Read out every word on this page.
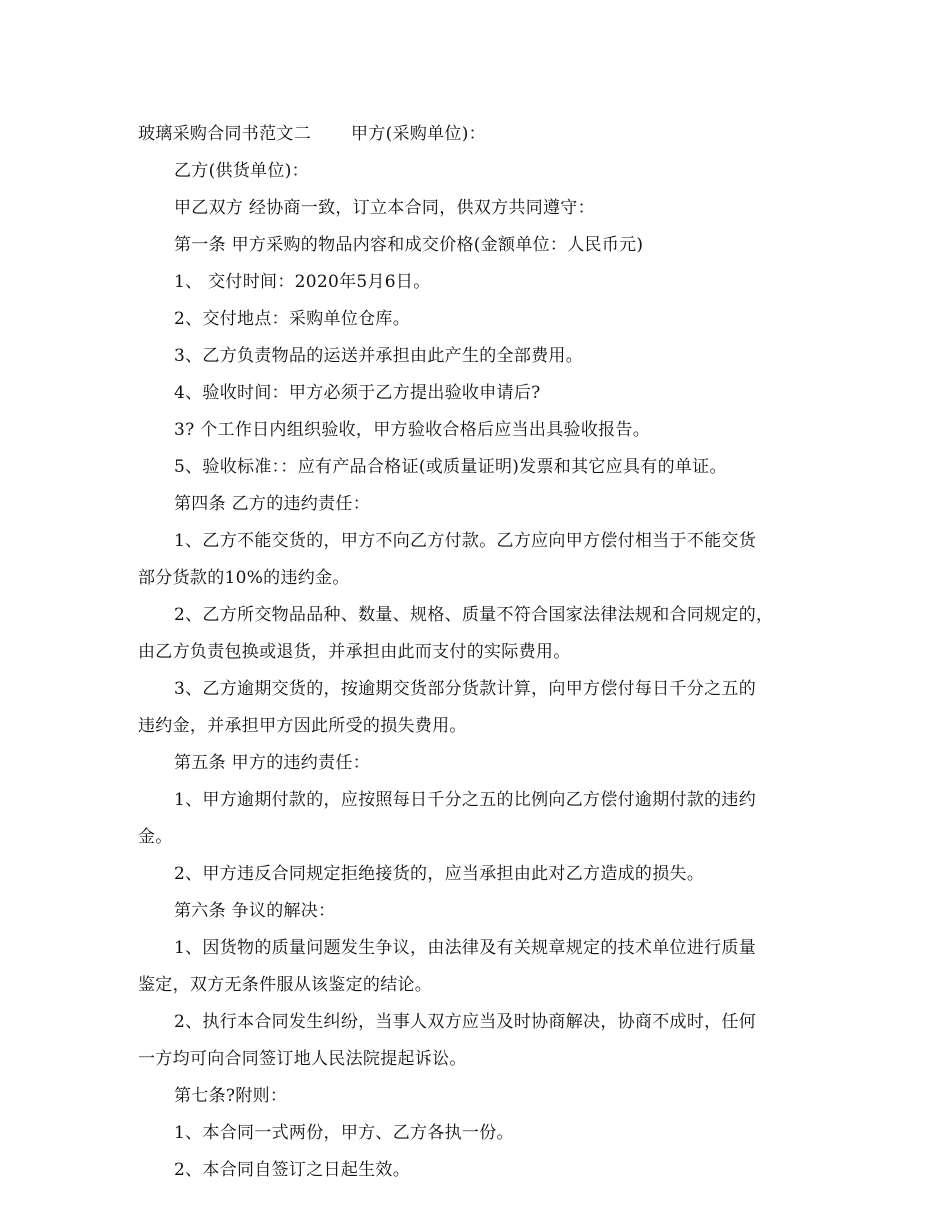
玻璃采购合同书范文二 甲方(采购单位)：
乙方(供货单位)：
甲乙双方 经协商一致，订立本合同，供双方共同遵守：
第一条 甲方采购的物品内容和成交价格(金额单位：人民币元)
1、 交付时间：2020年5月6日。
2、交付地点：采购单位仓库。
3、乙方负责物品的运送并承担由此产生的全部费用。
4、验收时间：甲方必须于乙方提出验收申请后?
3? 个工作日内组织验收，甲方验收合格后应当出具验收报告。
5、验收标准：：应有产品合格证(或质量证明)发票和其它应具有的单证。
第四条 乙方的违约责任：
1、乙方不能交货的，甲方不向乙方付款。乙方应向甲方偿付相当于不能交货
部分货款的10%的违约金。
2、乙方所交物品品种、数量、规格、质量不符合国家法律法规和合同规定的，
由乙方负责包换或退货，并承担由此而支付的实际费用。
3、乙方逾期交货的，按逾期交货部分货款计算，向甲方偿付每日千分之五的
违约金，并承担甲方因此所受的损失费用。
第五条 甲方的违约责任：
1、甲方逾期付款的，应按照每日千分之五的比例向乙方偿付逾期付款的违约
金。
2、甲方违反合同规定拒绝接货的，应当承担由此对乙方造成的损失。
第六条 争议的解决：
1、因货物的质量问题发生争议，由法律及有关规章规定的技术单位进行质量
鉴定，双方无条件服从该鉴定的结论。
2、执行本合同发生纠纷，当事人双方应当及时协商解决，协商不成时，任何
一方均可向合同签订地人民法院提起诉讼。
第七条?附则：
1、本合同一式两份，甲方、乙方各执一份。
2、本合同自签订之日起生效。
